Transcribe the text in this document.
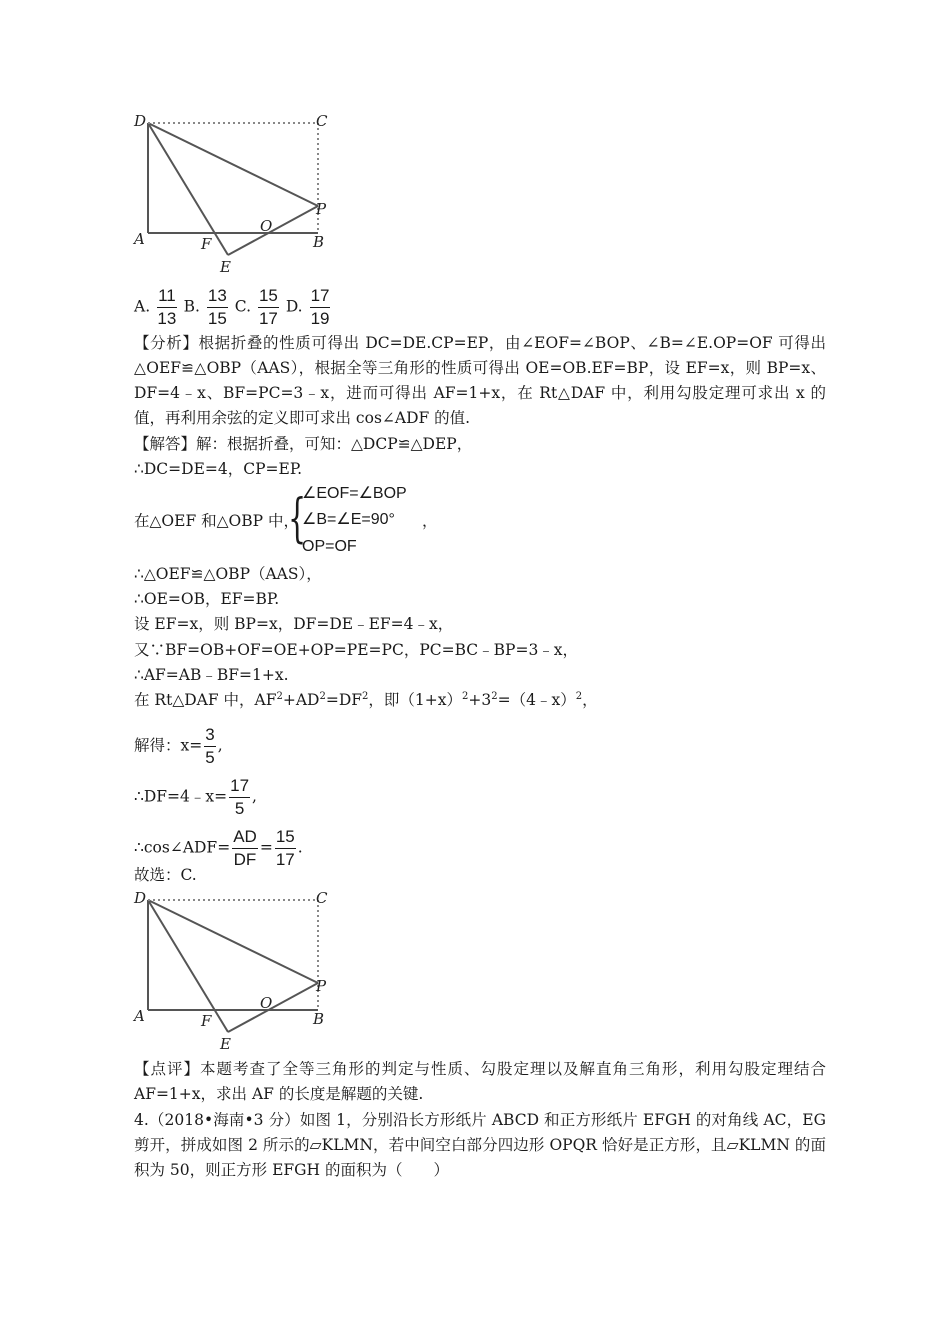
D	C
A	F
O
B
P
E
A. $\frac{11}{13} B$. $\frac{13}{15} C$. $\frac{15}{17} D$. $\frac{17}{19}$
【分析】根据折叠的性质可得出 DC=DE.CP=EP，由∠EOF=∠BOP、∠B=∠E.OP=OF 可得出△OEF≌△OBP（AAS），根据全等三角形的性质可得出 OE=OB.EF=BP，设 EF=x，则 BP=x、DF=4﹣x、BF=PC=3﹣x，进而可得出 AF=1+x，在 Rt△DAF 中，利用勾股定理可求出 x 的值，再利用余弦的定义即可求出 cos∠ADF 的值.
【解答】解：根据折叠，可知：△DCP≌△DEP，
∴DC=DE=4，CP=EP.
在△OEF 和△OBP 中，
{
∠EOF=∠BOP
∠B=∠E=90°
OP=OF
，
∴△OEF≌△OBP（AAS），
∴OE=OB，EF=BP.
设 EF=x，则 BP=x，DF=DE﹣EF=4﹣x，
又∵BF=OB+OF=OE+OP=PE=PC，PC=BC﹣BP=3﹣x，
∴AF=AB﹣BF=1+x.
在 Rt△DAF 中，$AF^2+AD^2=DF^2$，即$(1+x)^2+3^2=(4﹣x)^2$，
解得：$x= \frac{3}{5}$ ,
∴DF=4﹣x= $\frac{17}{5}$ ,
∴cos∠ADF= $\frac{AD}{DF} = \frac{15}{17}$ .
故选：C.
D	C
A	F
O
B
P
E
【点评】本题考查了全等三角形的判定与性质、勾股定理以及解直角三角形，利用勾股定理结合 AF=1+x，求出 AF 的长度是解题的关键.
4.（2018•海南•3 分）如图 1，分别沿长方形纸片 ABCD 和正方形纸片 EFGH 的对角线 AC，EG 剪开，拼成如图 2 所示的▱KLMN，若中间空白部分四边形 OPQR 恰好是正方形，且▱KLMN 的面积为 50，则正方形 EFGH 的面积为（　　）
